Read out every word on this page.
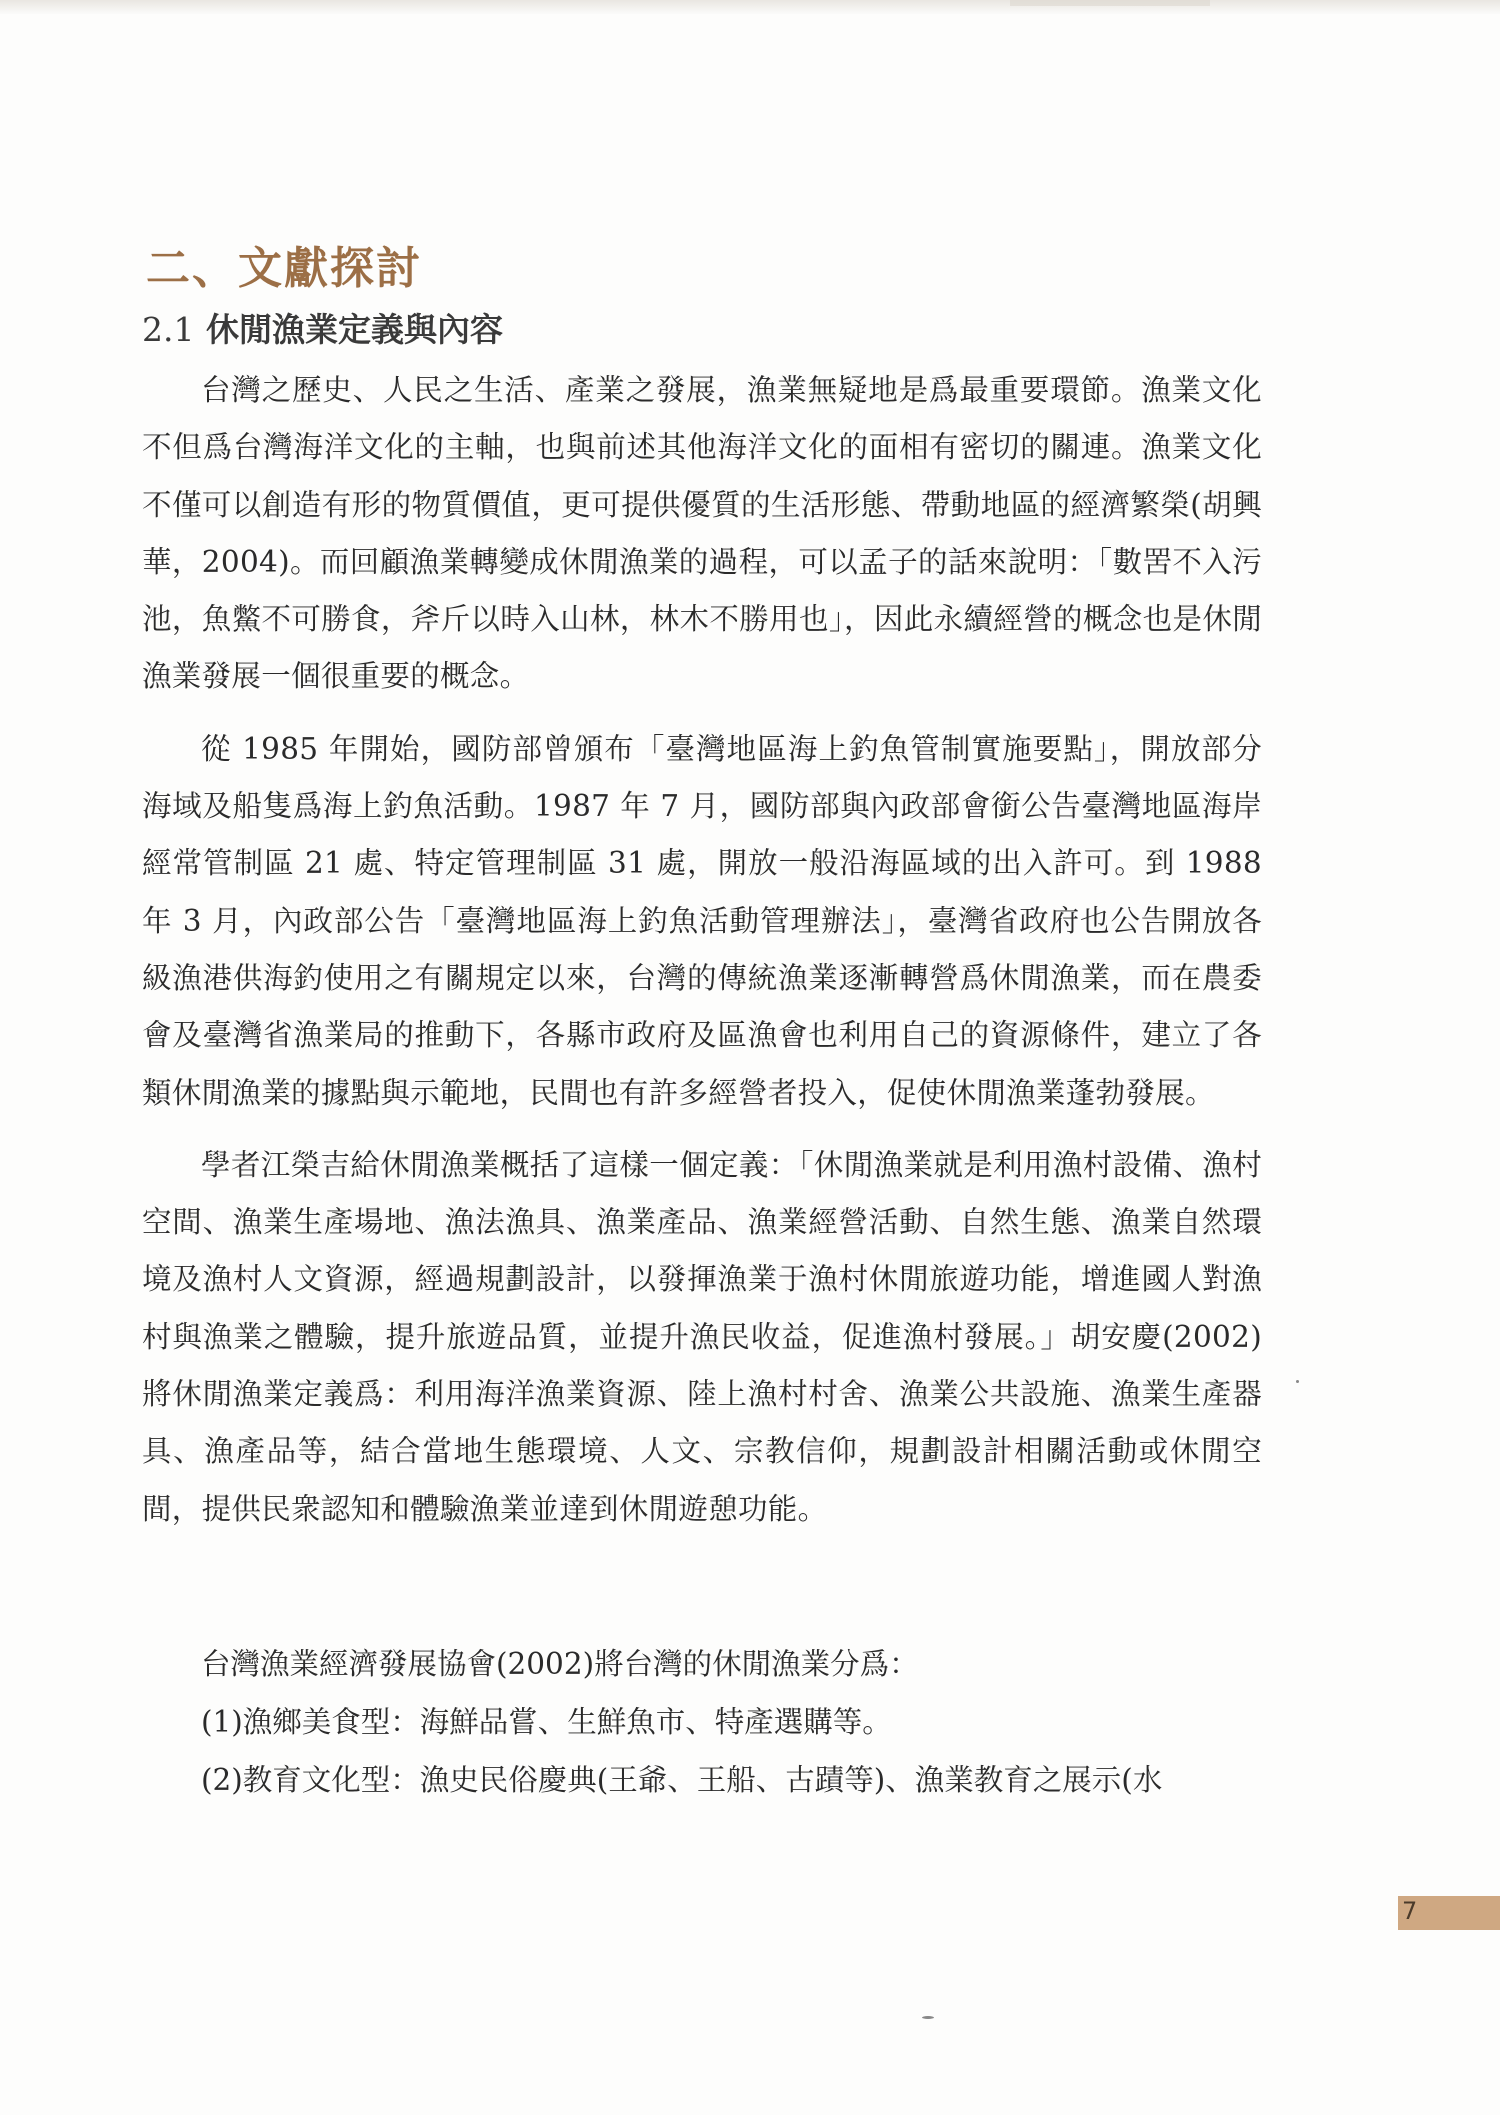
二、文獻探討
2.1 休閒漁業定義與內容

台灣之歷史、人民之生活、產業之發展，漁業無疑地是爲最重要環節。漁業文化不但爲台灣海洋文化的主軸，也與前述其他海洋文化的面相有密切的關連。漁業文化不僅可以創造有形的物質價值，更可提供優質的生活形態、帶動地區的經濟繁榮(胡興華，2004)。而回顧漁業轉變成休閒漁業的過程，可以孟子的話來說明：「數罟不入污池，魚鱉不可勝食，斧斤以時入山林，林木不勝用也」，因此永續經營的概念也是休閒漁業發展一個很重要的概念。

從 1985 年開始，國防部曾頒布「臺灣地區海上釣魚管制實施要點」，開放部分海域及船隻爲海上釣魚活動。1987 年 7 月，國防部與內政部會銜公告臺灣地區海岸經常管制區 21 處、特定管理制區 31 處，開放一般沿海區域的出入許可。到 1988 年 3 月，內政部公告「臺灣地區海上釣魚活動管理辦法」，臺灣省政府也公告開放各級漁港供海釣使用之有關規定以來，台灣的傳統漁業逐漸轉營爲休閒漁業，而在農委會及臺灣省漁業局的推動下，各縣市政府及區漁會也利用自己的資源條件，建立了各類休閒漁業的據點與示範地，民間也有許多經營者投入，促使休閒漁業蓬勃發展。

學者江榮吉給休閒漁業概括了這樣一個定義：「休閒漁業就是利用漁村設備、漁村空間、漁業生產場地、漁法漁具、漁業產品、漁業經營活動、自然生態、漁業自然環境及漁村人文資源，經過規劃設計，以發揮漁業于漁村休閒旅遊功能，增進國人對漁村與漁業之體驗，提升旅遊品質，並提升漁民收益，促進漁村發展。」胡安慶(2002)將休閒漁業定義爲：利用海洋漁業資源、陸上漁村村舍、漁業公共設施、漁業生產器具、漁產品等，結合當地生態環境、人文、宗教信仰，規劃設計相關活動或休閒空間，提供民衆認知和體驗漁業並達到休閒遊憩功能。

台灣漁業經濟發展協會(2002)將台灣的休閒漁業分爲：

(1)漁鄉美食型：海鮮品嘗、生鮮魚市、特產選購等。

(2)教育文化型：漁史民俗慶典(王爺、王船、古蹟等)、漁業教育之展示(水

7
